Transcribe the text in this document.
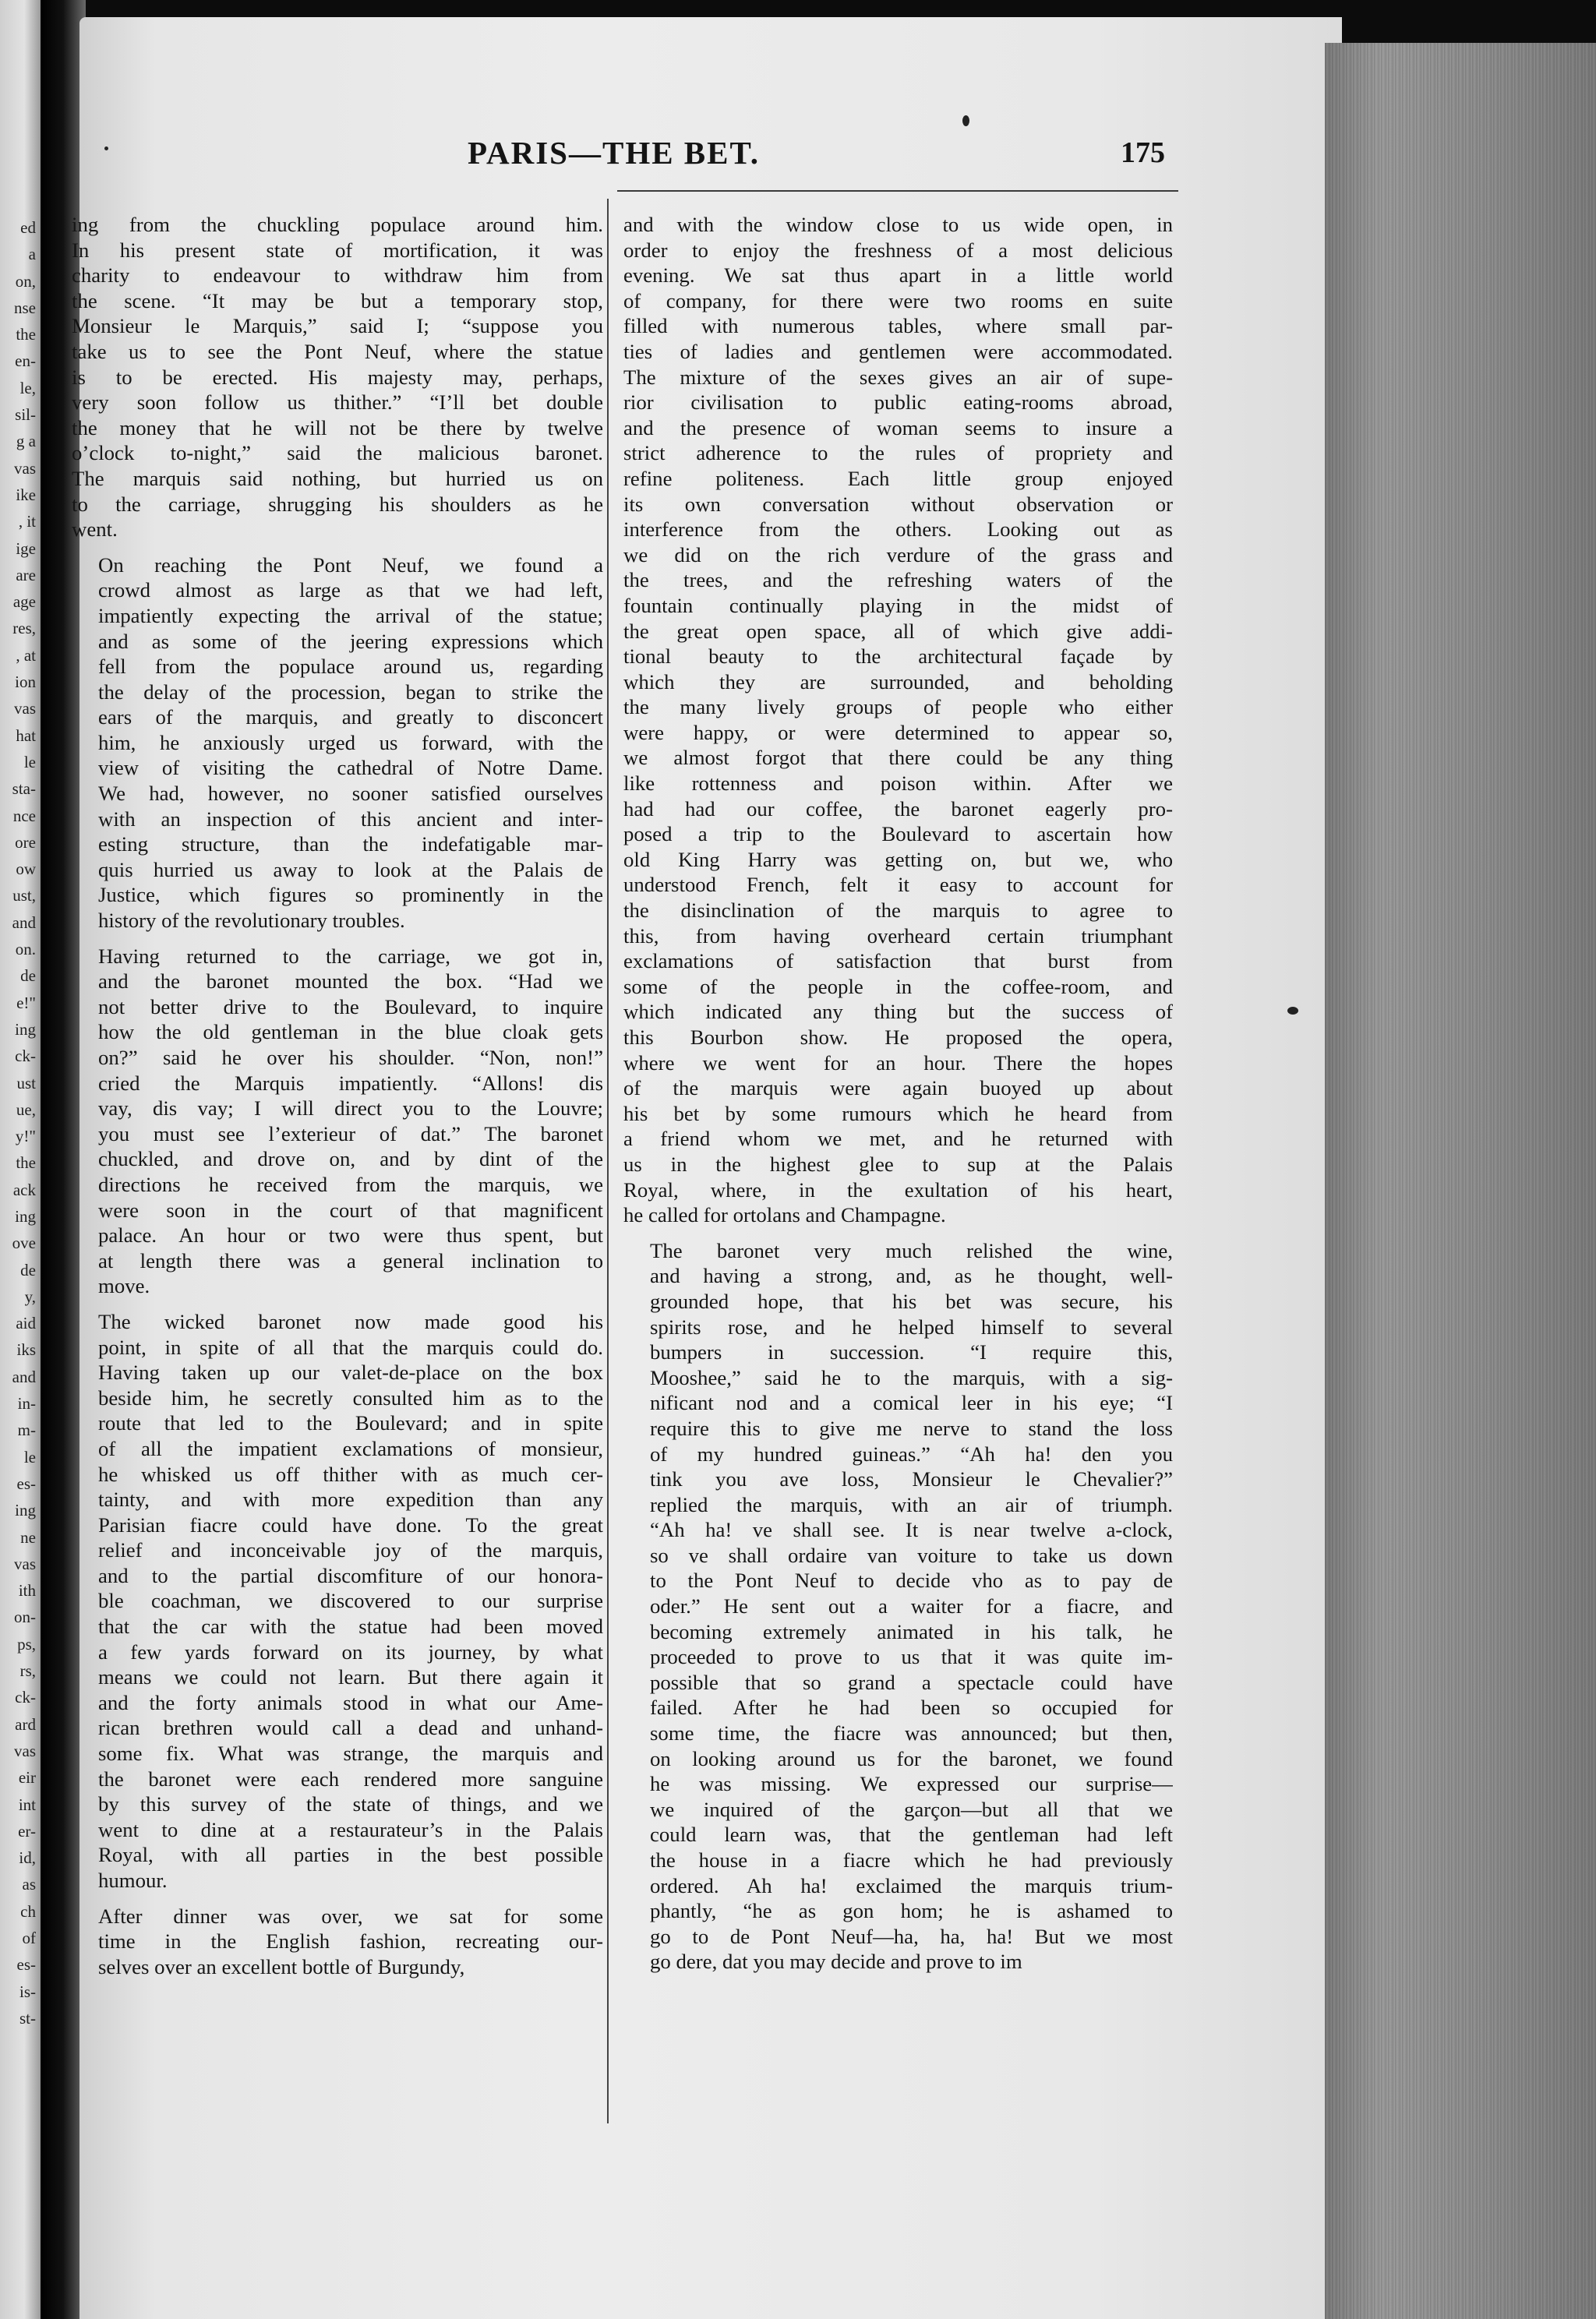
ed
a
on,
nse
the
en-
le,
sil-
g a
vas
ike
, it
ige
are
age
res,
, at
ion
vas
hat
le
sta-
nce
ore
ow
ust,
and
on.
de
e!"
ing
ck-
ust
ue,
y!"
the
ack
ing
ove
de
y,
aid
iks
and
in-
m-
le
es-
ing
ne
vas
ith
on-
ps,
rs,
ck-
ard
vas
eir
int
er-
id,
as
ch
of
es-
is-
st-
PARIS—THE BET.	175

ing from the chuckling populace around him.
In his present state of mortification, it was
charity to endeavour to withdraw him from
the scene. “It may be but a temporary stop,
Monsieur le Marquis,” said I; “suppose you
take us to see the Pont Neuf, where the statue
is to be erected. His majesty may, perhaps,
very soon follow us thither.” “I’ll bet double
the money that he will not be there by twelve
o’clock to-night,” said the malicious baronet.
The marquis said nothing, but hurried us on
to the carriage, shrugging his shoulders as he
went.

On reaching the Pont Neuf, we found a
crowd almost as large as that we had left,
impatiently expecting the arrival of the statue;
and as some of the jeering expressions which
fell from the populace around us, regarding
the delay of the procession, began to strike the
ears of the marquis, and greatly to disconcert
him, he anxiously urged us forward, with the
view of visiting the cathedral of Notre Dame.
We had, however, no sooner satisfied ourselves
with an inspection of this ancient and inter-
esting structure, than the indefatigable mar-
quis hurried us away to look at the Palais de
Justice, which figures so prominently in the
history of the revolutionary troubles.

Having returned to the carriage, we got in,
and the baronet mounted the box. “Had we
not better drive to the Boulevard, to inquire
how the old gentleman in the blue cloak gets
on?” said he over his shoulder. “Non, non!”
cried the Marquis impatiently. “Allons! dis
vay, dis vay; I will direct you to the Louvre;
you must see l’exterieur of dat.” The baronet
chuckled, and drove on, and by dint of the
directions he received from the marquis, we
were soon in the court of that magnificent
palace. An hour or two were thus spent, but
at length there was a general inclination to
move.

The wicked baronet now made good his
point, in spite of all that the marquis could do.
Having taken up our valet-de-place on the box
beside him, he secretly consulted him as to the
route that led to the Boulevard; and in spite
of all the impatient exclamations of monsieur,
he whisked us off thither with as much cer-
tainty, and with more expedition than any
Parisian fiacre could have done. To the great
relief and inconceivable joy of the marquis,
and to the partial discomfiture of our honora-
ble coachman, we discovered to our surprise
that the car with the statue had been moved
a few yards forward on its journey, by what
means we could not learn. But there again it
and the forty animals stood in what our Ame-
rican brethren would call a dead and unhand-
some fix. What was strange, the marquis and
the baronet were each rendered more sanguine
by this survey of the state of things, and we
went to dine at a restaurateur’s in the Palais
Royal, with all parties in the best possible
humour.

After dinner was over, we sat for some
time in the English fashion, recreating our-
selves over an excellent bottle of Burgundy,

and with the window close to us wide open, in
order to enjoy the freshness of a most delicious
evening. We sat thus apart in a little world
of company, for there were two rooms en suite
filled with numerous tables, where small par-
ties of ladies and gentlemen were accommodated.
The mixture of the sexes gives an air of supe-
rior civilisation to public eating-rooms abroad,
and the presence of woman seems to insure a
strict adherence to the rules of propriety and
refine politeness. Each little group enjoyed
its own conversation without observation or
interference from the others. Looking out as
we did on the rich verdure of the grass and
the trees, and the refreshing waters of the
fountain continually playing in the midst of
the great open space, all of which give addi-
tional beauty to the architectural façade by
which they are surrounded, and beholding
the many lively groups of people who either
were happy, or were determined to appear so,
we almost forgot that there could be any thing
like rottenness and poison within. After we
had had our coffee, the baronet eagerly pro-
posed a trip to the Boulevard to ascertain how
old King Harry was getting on, but we, who
understood French, felt it easy to account for
the disinclination of the marquis to agree to
this, from having overheard certain triumphant
exclamations of satisfaction that burst from
some of the people in the coffee-room, and
which indicated any thing but the success of
this Bourbon show. He proposed the opera,
where we went for an hour. There the hopes
of the marquis were again buoyed up about
his bet by some rumours which he heard from
a friend whom we met, and he returned with
us in the highest glee to sup at the Palais
Royal, where, in the exultation of his heart,
he called for ortolans and Champagne.

The baronet very much relished the wine,
and having a strong, and, as he thought, well-
grounded hope, that his bet was secure, his
spirits rose, and he helped himself to several
bumpers in succession. “I require this,
Mooshee,” said he to the marquis, with a sig-
nificant nod and a comical leer in his eye; “I
require this to give me nerve to stand the loss
of my hundred guineas.” “Ah ha! den you
tink you ave loss, Monsieur le Chevalier?”
replied the marquis, with an air of triumph.
“Ah ha! ve shall see. It is near twelve a-clock,
so ve shall ordaire van voiture to take us down
to the Pont Neuf to decide vho as to pay de
oder.” He sent out a waiter for a fiacre, and
becoming extremely animated in his talk, he
proceeded to prove to us that it was quite im-
possible that so grand a spectacle could have
failed. After he had been so occupied for
some time, the fiacre was announced; but then,
on looking around us for the baronet, we found
he was missing. We expressed our surprise—
we inquired of the garçon—but all that we
could learn was, that the gentleman had left
the house in a fiacre which he had previously
ordered. Ah ha! exclaimed the marquis trium-
phantly, “he as gon hom; he is ashamed to
go to de Pont Neuf—ha, ha, ha! But we most
go dere, dat you may decide and prove to im
